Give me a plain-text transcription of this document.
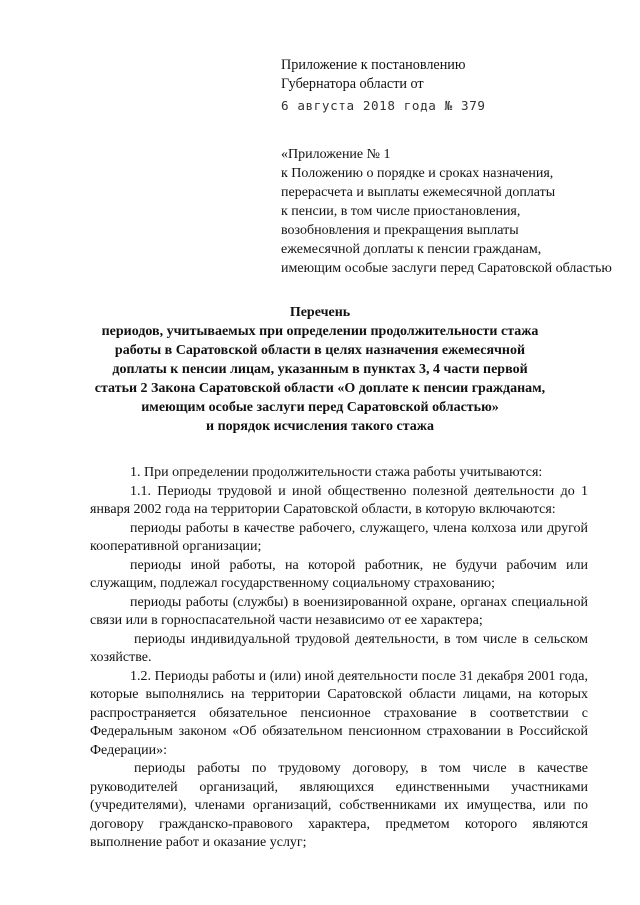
Приложение к постановлению
Губернатора области от
6 августа 2018 года № 379
«Приложение № 1
к Положению о порядке и сроках назначения,
перерасчета и выплаты ежемесячной доплаты
к пенсии, в том числе приостановления,
возобновления и прекращения выплаты
ежемесячной доплаты к пенсии гражданам,
имеющим особые заслуги перед Саратовской областью
Перечень
периодов, учитываемых при определении продолжительности стажа
работы в Саратовской области в целях назначения ежемесячной
доплаты к пенсии лицам, указанным в пунктах 3, 4 части первой
статьи 2 Закона Саратовской области «О доплате к пенсии гражданам,
имеющим особые заслуги перед Саратовской областью»
и порядок исчисления такого стажа
1. При определении продолжительности стажа работы учитываются:
1.1. Периоды трудовой и иной общественно полезной деятельности до 1 января 2002 года на территории Саратовской области, в которую включаются:
периоды работы в качестве рабочего, служащего, члена колхоза или другой кооперативной организации;
периоды иной работы, на которой работник, не будучи рабочим или служащим, подлежал государственному социальному страхованию;
периоды работы (службы) в военизированной охране, органах специальной связи или в горноспасательной части независимо от ее характера;
периоды индивидуальной трудовой деятельности, в том числе в сельском хозяйстве.
1.2. Периоды работы и (или) иной деятельности после 31 декабря 2001 года, которые выполнялись на территории Саратовской области лицами, на которых распространяется обязательное пенсионное страхование в соответствии с Федеральным законом «Об обязательном пенсионном страховании в Российской Федерации»:
периоды работы по трудовому договору, в том числе в качестве руководителей организаций, являющихся единственными участниками (учредителями), членами организаций, собственниками их имущества, или по договору гражданско-правового характера, предметом которого являются выполнение работ и оказание услуг;
